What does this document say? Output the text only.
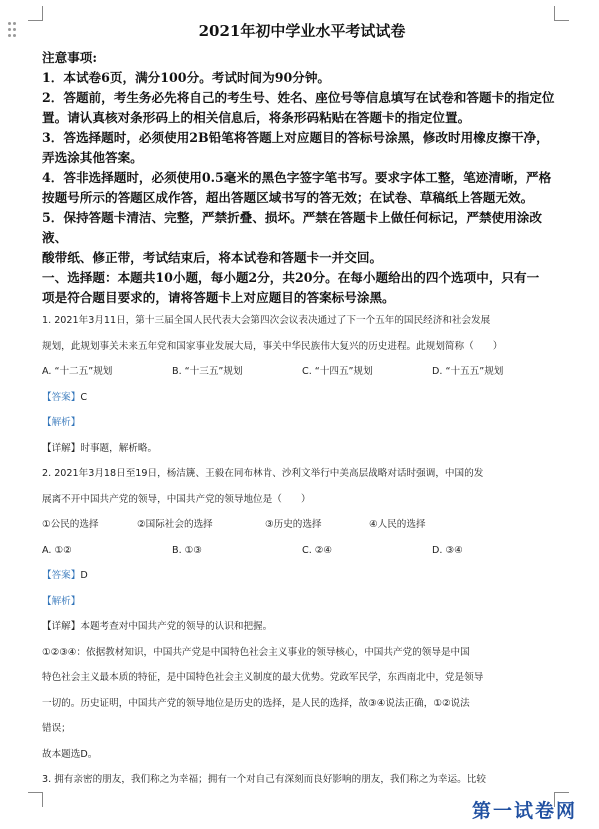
2021年初中学业水平考试试卷
注意事项:
1．本试卷6页，满分100分。考试时间为90分钟。
2．答题前，考生务必先将自己的考生号、姓名、座位号等信息填写在试卷和答题卡的指定位
置。请认真核对条形码上的相关信息后，将条形码粘贴在答题卡的指定位置。
3．答选择题时，必须使用2B铅笔将答题上对应题目的答标号涂黑，修改时用橡皮擦干净，
弄选涂其他答案。
4．答非选择题时，必须使用0.5毫米的黑色字签字笔书写。要求字体工整，笔迹清晰，严格
按题号所示的答题区成作答，超出答题区域书写的答无效；在试卷、草稿纸上答题无效。
5．保持答题卡清洁、完整，严禁折叠、损坏。严禁在答题卡上做任何标记，严禁使用涂改液、
酸带纸、修正带，考试结束后，将本试卷和答题卡一并交回。
一、选择题：本题共10小题，每小题2分，共20分。在每小题给出的四个选项中，只有一
项是符合题目要求的，请将答题卡上对应题目的答案标号涂黑。
1. 2021年3月11日，第十三届全国人民代表大会第四次会议表决通过了下一个五年的国民经济和社会发展
规划，此规划事关未来五年党和国家事业发展大局，事关中华民族伟大复兴的历史进程。此规划简称（　　）
A. “十二五”规划	B. “十三五”规划	C. “十四五”规划	D. “十五五”规划
【答案】C
【解析】
【详解】时事题，解析略。
2. 2021年3月18日至19日，杨洁篪、王毅在同布林肯、沙利文举行中美高层战略对话时强调，中国的发
展离不开中国共产党的领导，中国共产党的领导地位是（　　）
①公民的选择	②国际社会的选择	③历史的选择	④人民的选择
A. ①②	B. ①③	C. ②④	D. ③④
【答案】D
【解析】
【详解】本题考查对中国共产党的领导的认识和把握。
①②③④：依据教材知识，中国共产党是中国特色社会主义事业的领导核心，中国共产党的领导是中国
特色社会主义最本质的特征，是中国特色社会主义制度的最大优势。党政军民学，东西南北中，党是领导
一切的。历史证明，中国共产党的领导地位是历史的选择，是人民的选择，故③④说法正确，①②说法
错误；
故本题选D。
3. 拥有亲密的朋友，我们称之为幸福；拥有一个对自己有深刻而良好影响的朋友，我们称之为幸运。比较
第一试卷网
